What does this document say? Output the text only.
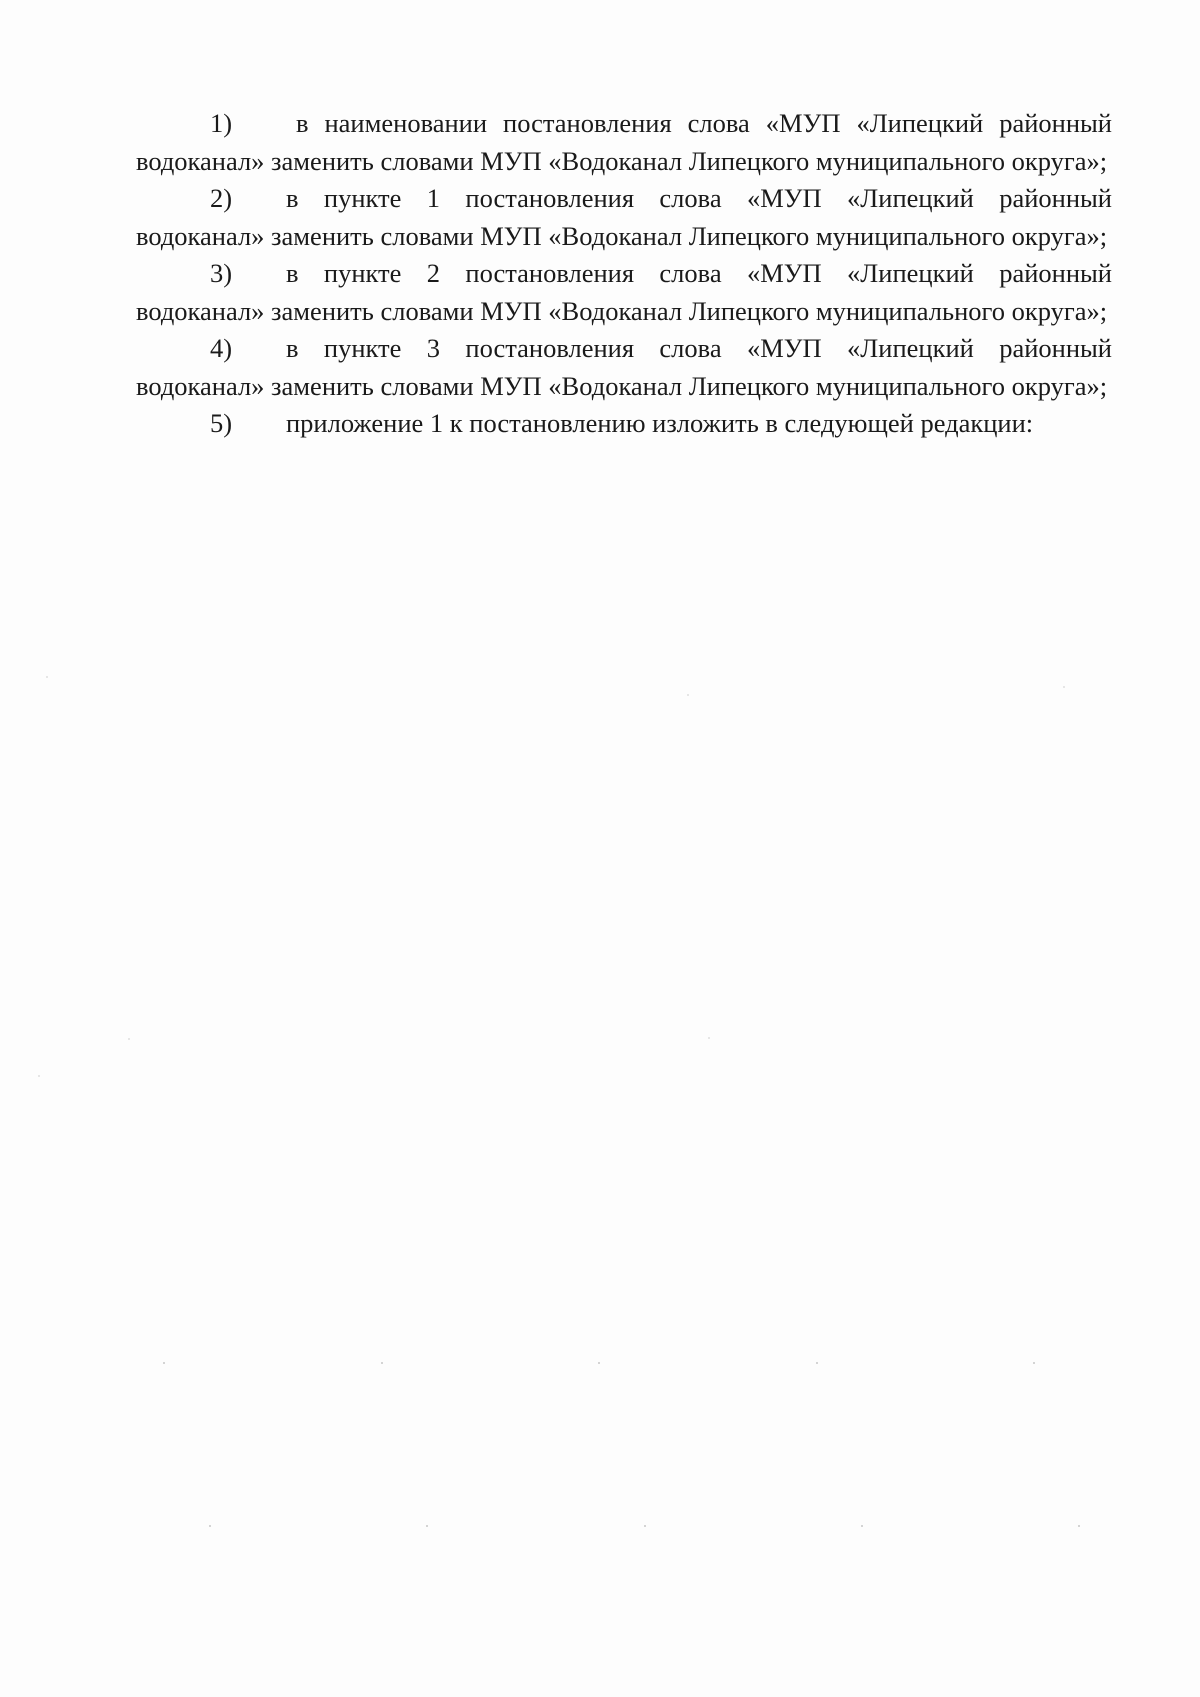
1) в наименовании постановления слова «МУП «Липецкий районный водоканал» заменить словами МУП «Водоканал Липецкого муниципального округа»;

2) в пункте 1 постановления слова «МУП «Липецкий районный водоканал» заменить словами МУП «Водоканал Липецкого муниципального округа»;

3) в пункте 2 постановления слова «МУП «Липецкий районный водоканал» заменить словами МУП «Водоканал Липецкого муниципального округа»;

4) в пункте 3 постановления слова «МУП «Липецкий районный водоканал» заменить словами МУП «Водоканал Липецкого муниципального округа»;

5) приложение 1 к постановлению изложить в следующей редакции:
